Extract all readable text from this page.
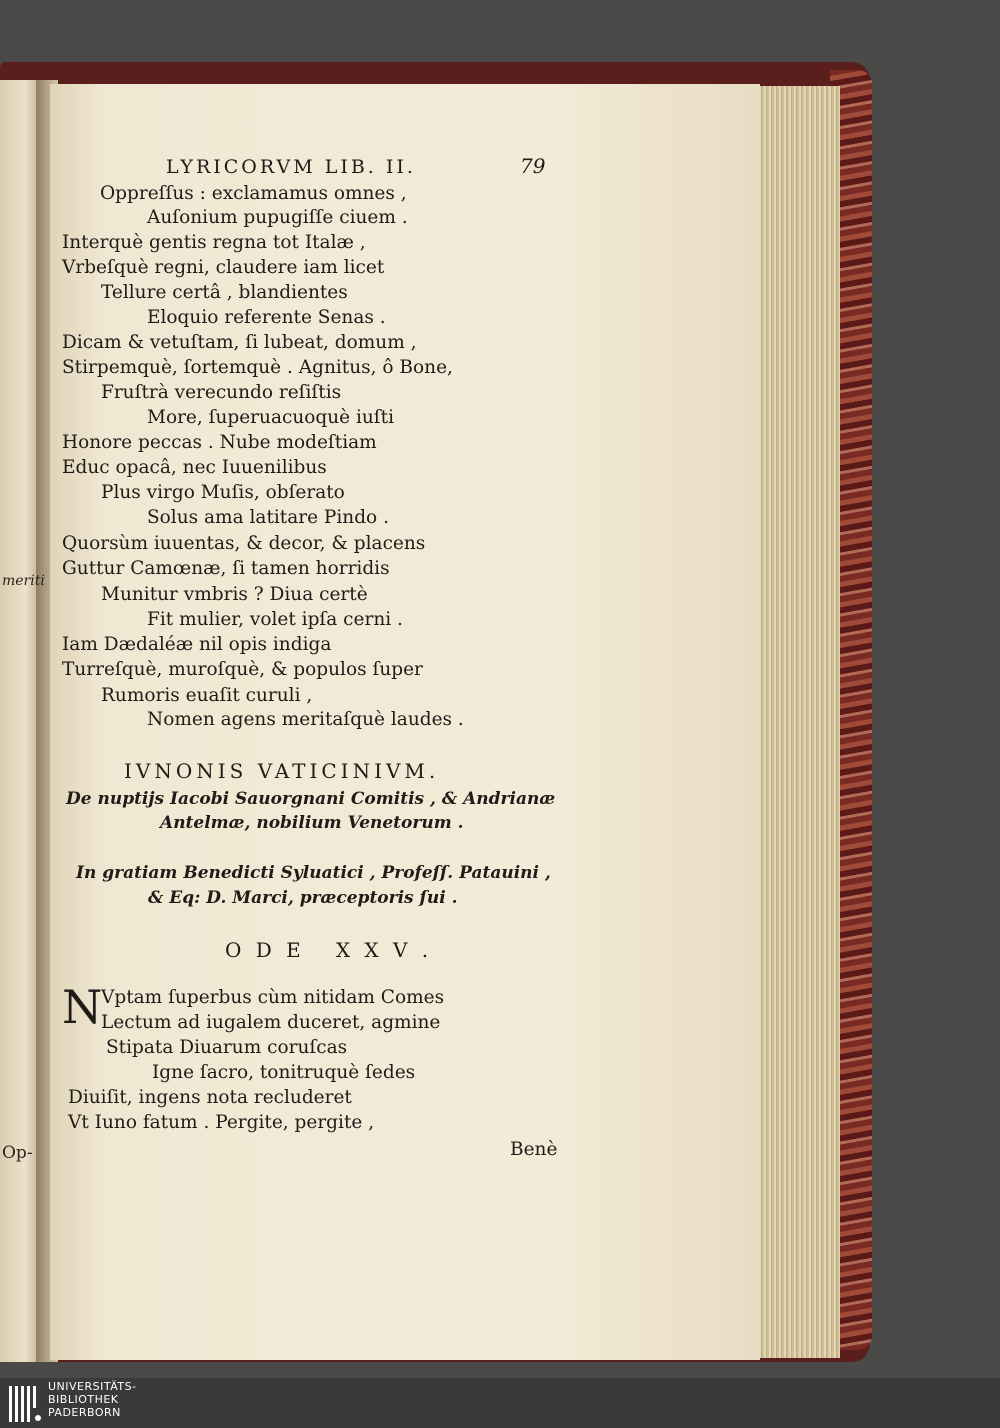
meriti
Op-
LYRICORVM LIB. II.	79
Oppreſſus : exclamamus omnes ,
Auſonium pupugiſſe ciuem .
Interquè gentis regna tot Italæ ,
Vrbeſquè regni, claudere iam licet
Tellure certâ , blandientes
Eloquio referente Senas .
Dicam & vetuſtam, ſi lubeat, domum ,
Stirpemquè, ſortemquè . Agnitus, ô Bone,
Fruſtrà verecundo reſiſtis
More, ſuperuacuoquè iuſti
Honore peccas . Nube modeſtiam
Educ opacâ, nec Iuuenilibus
Plus virgo Muſis, obſerato
Solus ama latitare Pindo .
Quorsùm iuuentas, & decor, & placens
Guttur Camœnæ, ſi tamen horridis
Munitur vmbris ? Diua certè
Fit mulier, volet ipſa cerni .
Iam Dædaléæ nil opis indiga
Turreſquè, muroſquè, & populos ſuper
Rumoris euaſit curuli ,
Nomen agens meritaſquè laudes .
IVNONIS VATICINIVM.
De nuptijs Iacobi Sauorgnani Comitis , & Andrianæ
Antelmæ, nobilium Venetorum .
In gratiam Benedicti Syluatici , Profeſſ. Patauini ,
& Eq: D. Marci, præceptoris ſui .
O D E   X X V .
N
Vptam ſuperbus cùm nitidam Comes
Lectum ad iugalem duceret, agmine
Stipata Diuarum coruſcas
Igne ſacro, tonitruquè ſedes
Diuiſit, ingens nota recluderet
Vt Iuno fatum . Pergite, pergite ,
Benè
UNIVERSITÄTS-
BIBLIOTHEK
PADERBORN
